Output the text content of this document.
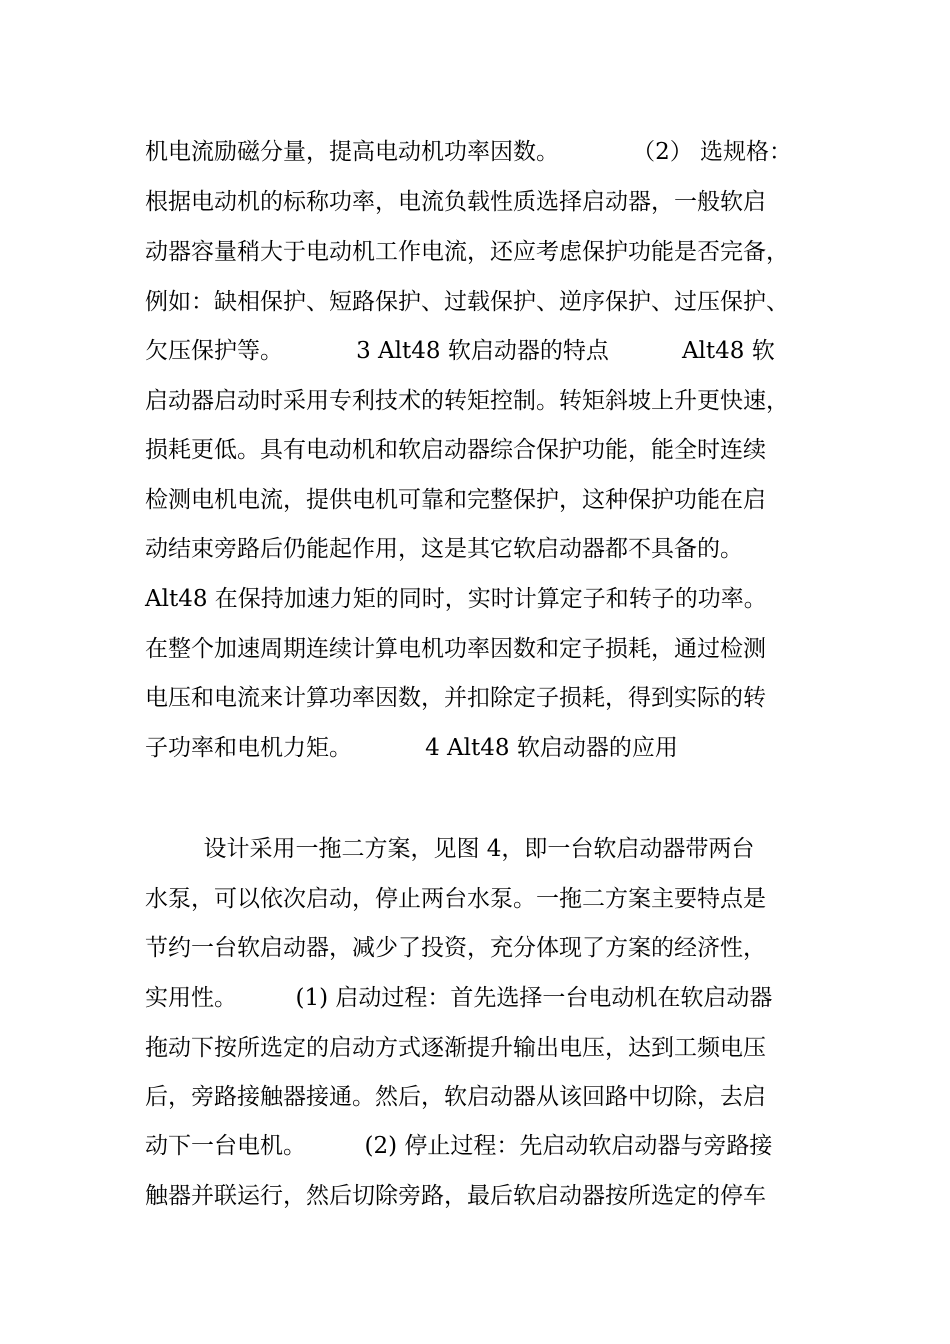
机电流励磁分量，提高电动机功率因数。          （2） 选规格：
根据电动机的标称功率，电流负载性质选择启动器，一般软启
动器容量稍大于电动机工作电流，还应考虑保护功能是否完备，
例如：缺相保护、短路保护、过载保护、逆序保护、过压保护、
欠压保护等。          3 Alt48 软启动器的特点          Alt48 软
启动器启动时采用专利技术的转矩控制。转矩斜坡上升更快速，
损耗更低。具有电动机和软启动器综合保护功能，能全时连续
检测电机电流，提供电机可靠和完整保护，这种保护功能在启
动结束旁路后仍能起作用，这是其它软启动器都不具备的。
Alt48 在保持加速力矩的同时，实时计算定子和转子的功率。
在整个加速周期连续计算电机功率因数和定子损耗，通过检测
电压和电流来计算功率因数，并扣除定子损耗，得到实际的转
子功率和电机力矩。          4 Alt48 软启动器的应用
设计采用一拖二方案，见图 4，即一台软启动器带两台
水泵，可以依次启动，停止两台水泵。一拖二方案主要特点是
节约一台软启动器，减少了投资，充分体现了方案的经济性，
实用性。        (1) 启动过程：首先选择一台电动机在软启动器
拖动下按所选定的启动方式逐渐提升输出电压，达到工频电压
后，旁路接触器接通。然后，软启动器从该回路中切除，去启
动下一台电机。        (2) 停止过程：先启动软启动器与旁路接
触器并联运行，然后切除旁路，最后软启动器按所选定的停车
